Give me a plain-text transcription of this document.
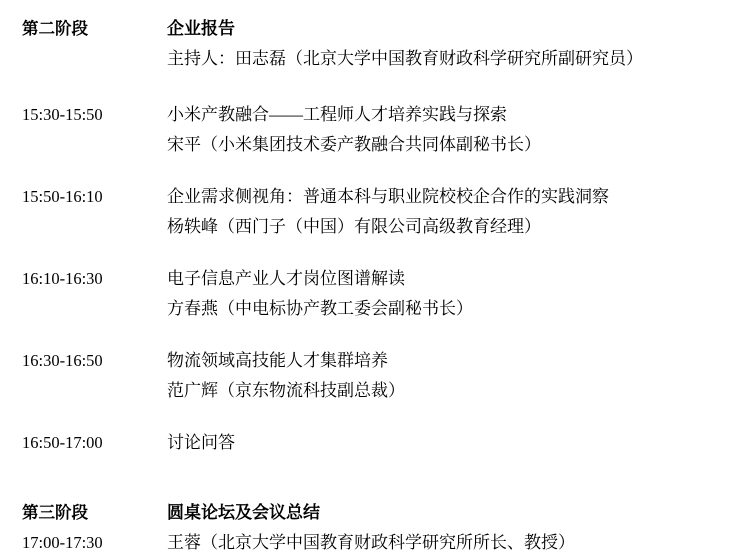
第二阶段	企业报告
主持人：田志磊（北京大学中国教育财政科学研究所副研究员）
15:30-15:50	小米产教融合——工程师人才培养实践与探索
宋平（小米集团技术委产教融合共同体副秘书长）
15:50-16:10	企业需求侧视角：普通本科与职业院校校企合作的实践洞察
杨轶峰（西门子（中国）有限公司高级教育经理）
16:10-16:30	电子信息产业人才岗位图谱解读
方春燕（中电标协产教工委会副秘书长）
16:30-16:50	物流领域高技能人才集群培养
范广辉（京东物流科技副总裁）
16:50-17:00	讨论问答
第三阶段	圆桌论坛及会议总结
17:00-17:30	王蓉（北京大学中国教育财政科学研究所所长、教授）
